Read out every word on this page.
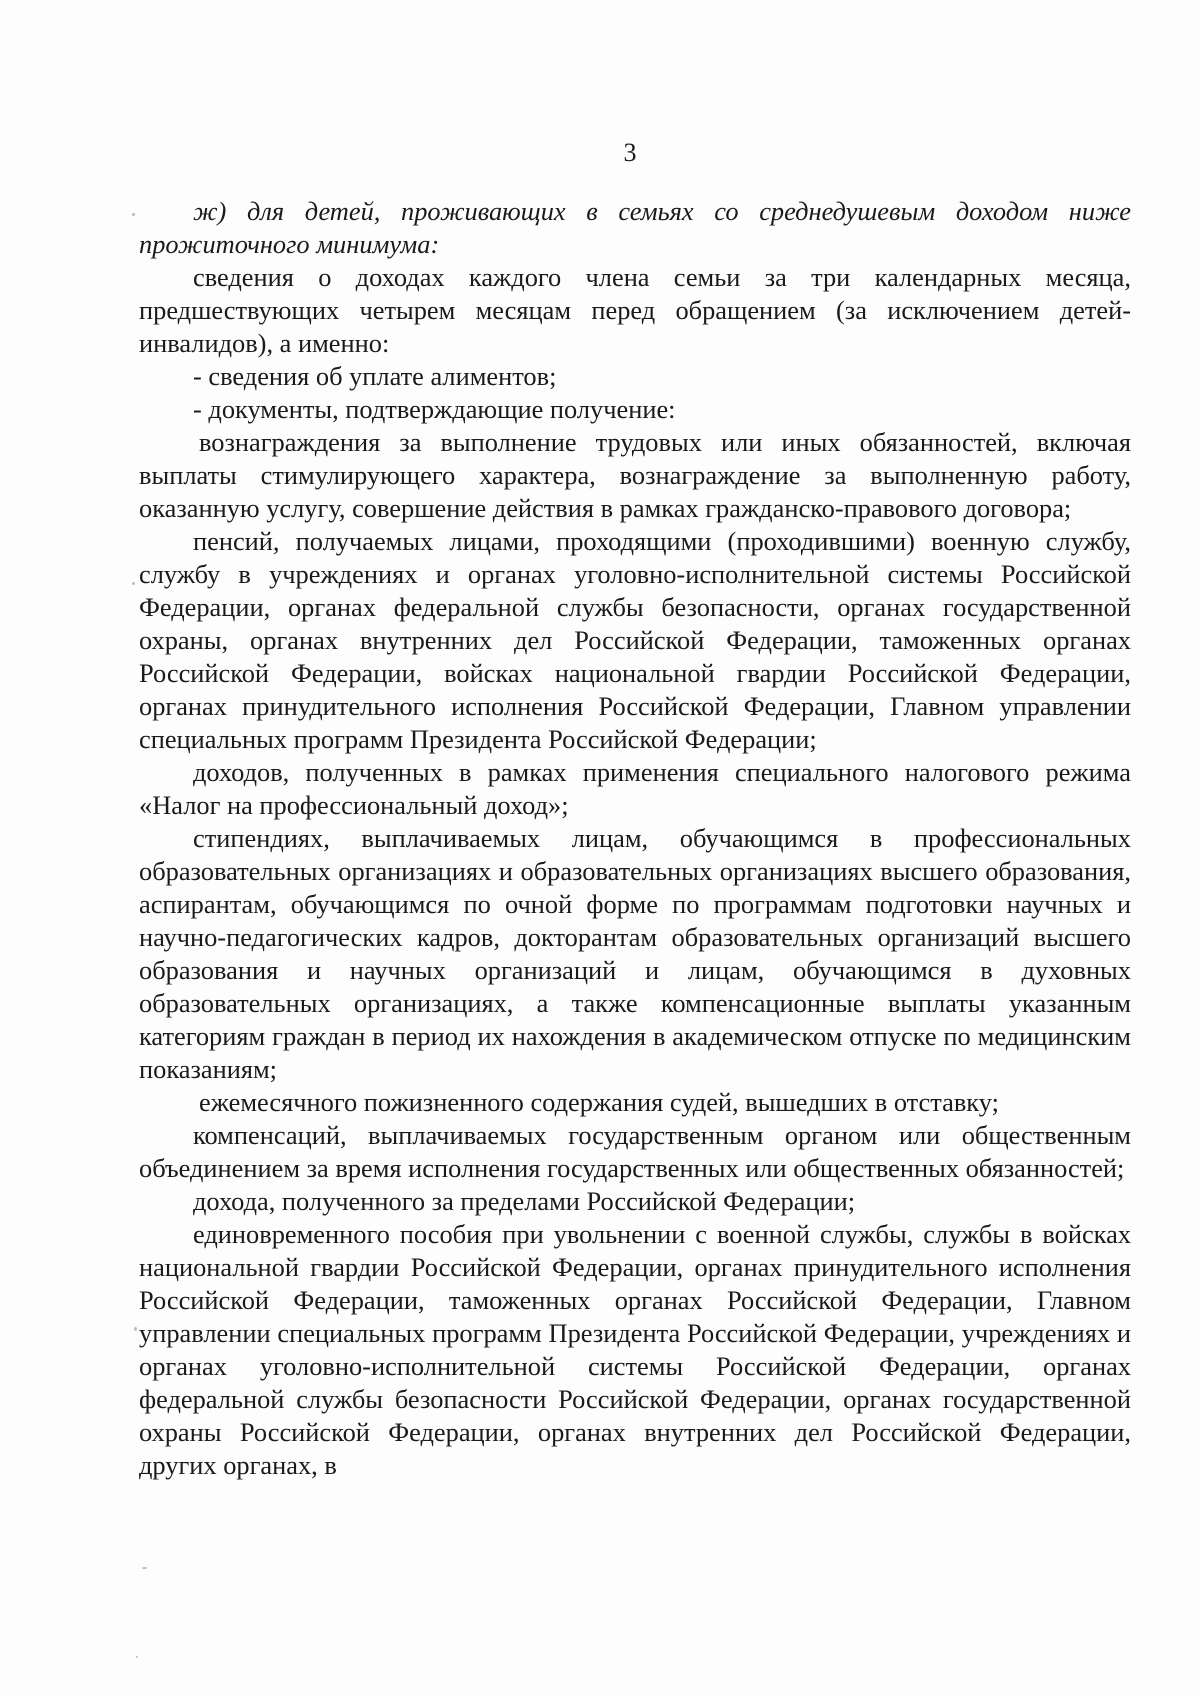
3

ж) для детей, проживающих в семьях со среднедушевым доходом ниже прожиточного минимума:

сведения о доходах каждого члена семьи за три календарных месяца, предшествующих четырем месяцам перед обращением (за исключением детей-инвалидов), а именно:

- сведения об уплате алиментов;

- документы, подтверждающие получение:

вознаграждения за выполнение трудовых или иных обязанностей, включая выплаты стимулирующего характера, вознаграждение за выполненную работу, оказанную услугу, совершение действия в рамках гражданско-правового договора;

пенсий, получаемых лицами, проходящими (проходившими) военную службу, службу в учреждениях и органах уголовно-исполнительной системы Российской Федерации, органах федеральной службы безопасности, органах государственной охраны, органах внутренних дел Российской Федерации, таможенных органах Российской Федерации, войсках национальной гвардии Российской Федерации, органах принудительного исполнения Российской Федерации, Главном управлении специальных программ Президента Российской Федерации;

доходов, полученных в рамках применения специального налогового режима «Налог на профессиональный доход»;

стипендиях, выплачиваемых лицам, обучающимся в профессиональных образовательных организациях и образовательных организациях высшего образования, аспирантам, обучающимся по очной форме по программам подготовки научных и научно-педагогических кадров, докторантам образовательных организаций высшего образования и научных организаций и лицам, обучающимся в духовных образовательных организациях, а также компенсационные выплаты указанным категориям граждан в период их нахождения в академическом отпуске по медицинским показаниям;

ежемесячного пожизненного содержания судей, вышедших в отставку;

компенсаций, выплачиваемых государственным органом или общественным объединением за время исполнения государственных или общественных обязанностей;

дохода, полученного за пределами Российской Федерации;

единовременного пособия при увольнении с военной службы, службы в войсках национальной гвардии Российской Федерации, органах принудительного исполнения Российской Федерации, таможенных органах Российской Федерации, Главном управлении специальных программ Президента Российской Федерации, учреждениях и органах уголовно-исполнительной системы Российской Федерации, органах федеральной службы безопасности Российской Федерации, органах государственной охраны Российской Федерации, органах внутренних дел Российской Федерации, других органах, в
